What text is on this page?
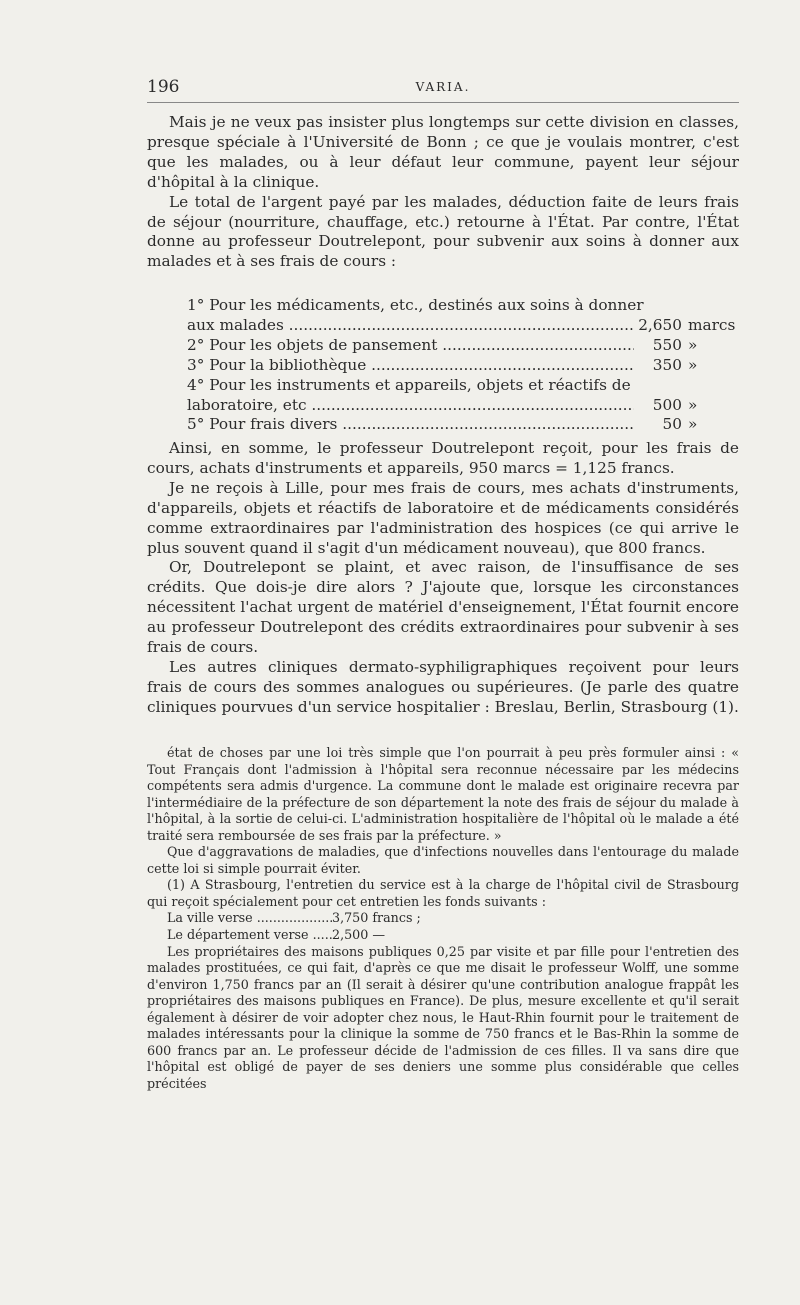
196	VARIA.

Mais je ne veux pas insister plus longtemps sur cette division en classes, presque spéciale à l'Université de Bonn ; ce que je voulais montrer, c'est que les malades, ou à leur défaut leur commune, payent leur séjour d'hôpital à la clinique.

Le total de l'argent payé par les malades, déduction faite de leurs frais de séjour (nourriture, chauffage, etc.) retourne à l'État. Par contre, l'État donne au professeur Doutrelepont, pour subvenir aux soins à donner aux malades et à ses frais de cours :

1° Pour les médicaments, etc., destinés aux soins à donner
aux malades .....	2,650 marcs
2° Pour les objets de pansement .....	550 »
3° Pour la bibliothèque .....	350 »
4° Pour les instruments et appareils, objets et réactifs de
laboratoire, etc .....	500 »
5° Pour frais divers .....	50 »

Ainsi, en somme, le professeur Doutrelepont reçoit, pour les frais de cours, achats d'instruments et appareils, 950 marcs = 1,125 francs.

Je ne reçois à Lille, pour mes frais de cours, mes achats d'instruments, d'appareils, objets et réactifs de laboratoire et de médicaments considérés comme extraordinaires par l'administration des hospices (ce qui arrive le plus souvent quand il s'agit d'un médicament nouveau), que 800 francs.

Or, Doutrelepont se plaint, et avec raison, de l'insuffisance de ses crédits. Que dois-je dire alors ? J'ajoute que, lorsque les circonstances nécessitent l'achat urgent de matériel d'enseignement, l'État fournit encore au professeur Doutrelepont des crédits extraordinaires pour subvenir à ses frais de cours.

Les autres cliniques dermato-syphiligraphiques reçoivent pour leurs frais de cours des sommes analogues ou supérieures. (Je parle des quatre cliniques pourvues d'un service hospitalier : Breslau, Berlin, Strasbourg (1).

état de choses par une loi très simple que l'on pourrait à peu près formuler ainsi : « Tout Français dont l'admission à l'hôpital sera reconnue nécessaire par les médecins compétents sera admis d'urgence. La commune dont le malade est originaire recevra par l'intermédiaire de la préfecture de son département la note des frais de séjour du malade à l'hôpital, à la sortie de celui-ci. L'administration hospitalière de l'hôpital où le malade a été traité sera remboursée de ses frais par la préfecture. »

Que d'aggravations de maladies, que d'infections nouvelles dans l'entourage du malade cette loi si simple pourrait éviter.

(1) A Strasbourg, l'entretien du service est à la charge de l'hôpital civil de Strasbourg qui reçoit spécialement pour cet entretien les fonds suivants :

La ville verse .....	3,750 francs ;
Le département verse .....	2,500 —

Les propriétaires des maisons publiques 0,25 par visite et par fille pour l'entretien des malades prostituées, ce qui fait, d'après ce que me disait le professeur Wolff, une somme d'environ 1,750 francs par an (Il serait à désirer qu'une contribution analogue frappât les propriétaires des maisons publiques en France). De plus, mesure excellente et qu'il serait également à désirer de voir adopter chez nous, le Haut-Rhin fournit pour le traitement de malades intéressants pour la clinique la somme de 750 francs et le Bas-Rhin la somme de 600 francs par an. Le professeur décide de l'admission de ces filles. Il va sans dire que l'hôpital est obligé de payer de ses deniers une somme plus considérable que celles précitées
